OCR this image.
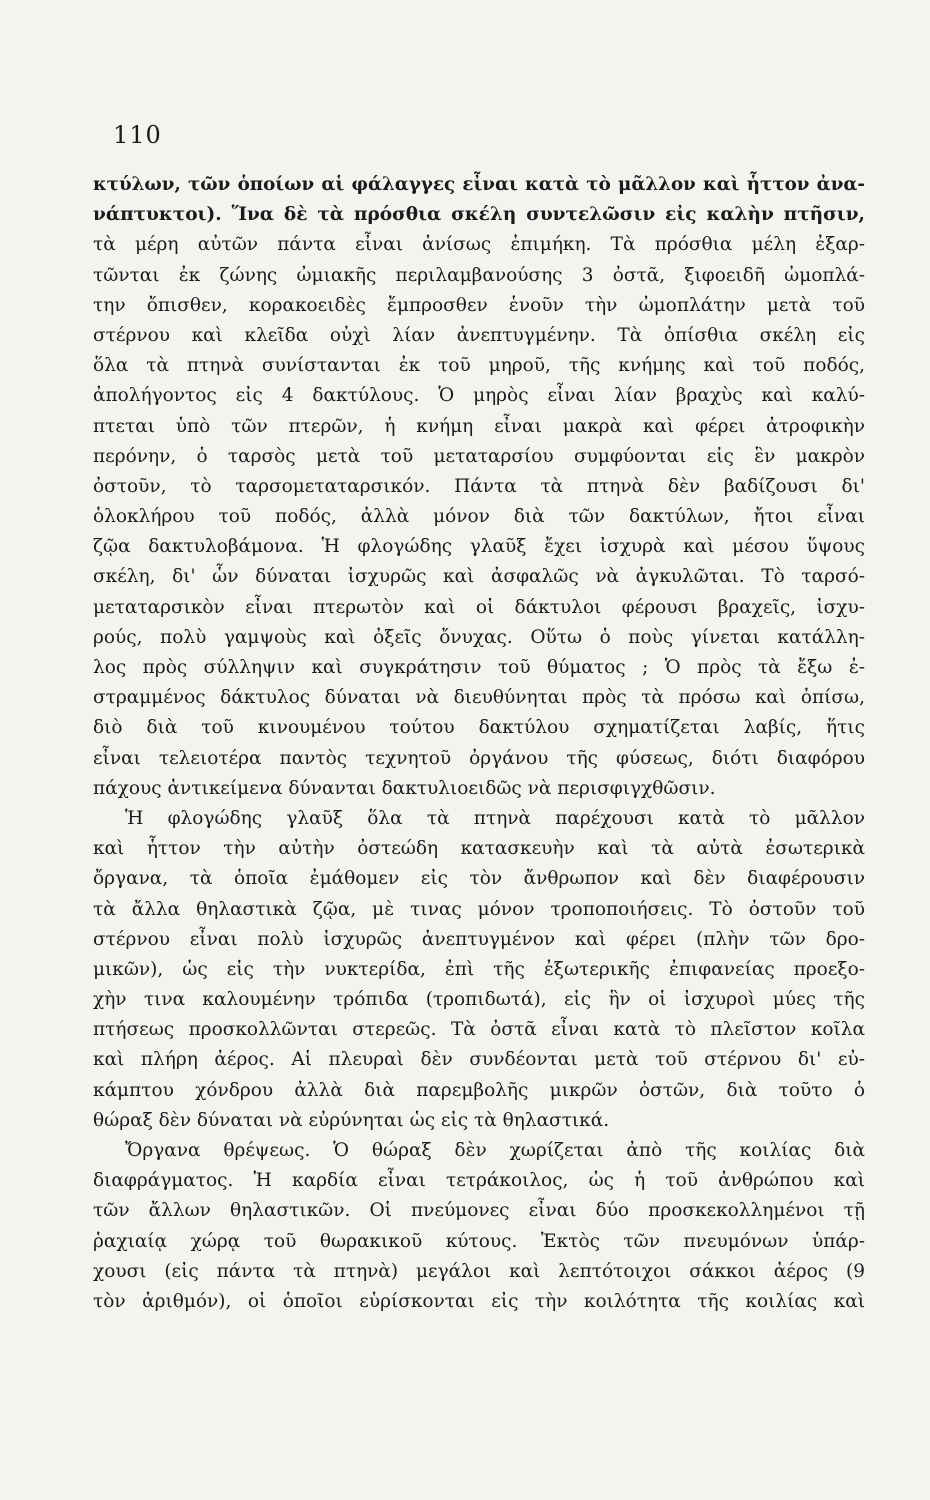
110
κτύλων, τῶν ὁποίων αἱ φάλαγγες εἶναι κατὰ τὸ μᾶλλον καὶ ἧττον ἀνα-
νάπτυκτοι). Ἵνα δὲ τὰ πρόσθια σκέλη συντελῶσιν εἰς καλὴν πτῆσιν,
τὰ μέρη αὐτῶν πάντα εἶναι ἀνίσως ἐπιμήκη. Τὰ πρόσθια μέλη ἐξαρ-
τῶνται ἐκ ζώνης ὠμιακῆς περιλαμβανούσης 3 ὀστᾶ, ξιφοειδῆ ὠμοπλά-
την ὄπισθεν, κορακοειδὲς ἔμπροσθεν ἑνοῦν τὴν ὠμοπλάτην μετὰ τοῦ
στέρνου καὶ κλεῖδα οὐχὶ λίαν ἀνεπτυγμένην. Τὰ ὀπίσθια σκέλη εἰς
ὅλα τὰ πτηνὰ συνίστανται ἐκ τοῦ μηροῦ, τῆς κνήμης καὶ τοῦ ποδός,
ἀπολήγοντος εἰς 4 δακτύλους. Ὁ μηρὸς εἶναι λίαν βραχὺς καὶ καλύ-
πτεται ὑπὸ τῶν πτερῶν, ἡ κνήμη εἶναι μακρὰ καὶ φέρει ἀτροφικὴν
περόνην, ὁ ταρσὸς μετὰ τοῦ μεταταρσίου συμφύονται εἰς ἓν μακρὸν
ὀστοῦν, τὸ ταρσομεταταρσικόν. Πάντα τὰ πτηνὰ δὲν βαδίζουσι δι'
ὁλοκλήρου τοῦ ποδός, ἀλλὰ μόνον διὰ τῶν δακτύλων, ἤτοι εἶναι
ζῷα δακτυλοβάμονα. Ἡ φλογώδης γλαῦξ ἔχει ἰσχυρὰ καὶ μέσου ὕψους
σκέλη, δι' ὧν δύναται ἰσχυρῶς καὶ ἀσφαλῶς νὰ ἀγκυλῶται. Τὸ ταρσό-
μεταταρσικὸν εἶναι πτερωτὸν καὶ οἱ δάκτυλοι φέρουσι βραχεῖς, ἰσχυ-
ρούς, πολὺ γαμψοὺς καὶ ὀξεῖς ὄνυχας. Οὕτω ὁ ποὺς γίνεται κατάλλη-
λος πρὸς σύλληψιν καὶ συγκράτησιν τοῦ θύματος ; Ὁ πρὸς τὰ ἔξω ἐ-
στραμμένος δάκτυλος δύναται νὰ διευθύνηται πρὸς τὰ πρόσω καὶ ὀπίσω,
διὸ διὰ τοῦ κινουμένου τούτου δακτύλου σχηματίζεται λαβίς, ἥτις
εἶναι τελειοτέρα παντὸς τεχνητοῦ ὀργάνου τῆς φύσεως, διότι διαφόρου
πάχους ἀντικείμενα δύνανται δακτυλιοειδῶς νὰ περισφιγχθῶσιν.
Ἡ φλογώδης γλαῦξ ὅλα τὰ πτηνὰ παρέχουσι κατὰ τὸ μᾶλλον
καὶ ἧττον τὴν αὐτὴν ὀστεώδη κατασκευὴν καὶ τὰ αὐτὰ ἐσωτερικὰ
ὄργανα, τὰ ὁποῖα ἐμάθομεν εἰς τὸν ἄνθρωπον καὶ δὲν διαφέρουσιν
τὰ ἄλλα θηλαστικὰ ζῷα, μὲ τινας μόνον τροποποιήσεις. Τὸ ὀστοῦν τοῦ
στέρνου εἶναι πολὺ ἰσχυρῶς ἀνεπτυγμένον καὶ φέρει (πλὴν τῶν δρο-
μικῶν), ὡς εἰς τὴν νυκτερίδα, ἐπὶ τῆς ἐξωτερικῆς ἐπιφανείας προεξο-
χὴν τινα καλουμένην τρόπιδα (τροπιδωτά), εἰς ἣν οἱ ἰσχυροὶ μύες τῆς
πτήσεως προσκολλῶνται στερεῶς. Τὰ ὀστᾶ εἶναι κατὰ τὸ πλεῖστον κοῖλα
καὶ πλήρη ἀέρος. Αἱ πλευραὶ δὲν συνδέονται μετὰ τοῦ στέρνου δι' εὐ-
κάμπτου χόνδρου ἀλλὰ διὰ παρεμβολῆς μικρῶν ὀστῶν, διὰ τοῦτο ὁ
θώραξ δὲν δύναται νὰ εὐρύνηται ὡς εἰς τὰ θηλαστικά.
Ὄργανα θρέψεως. Ὁ θώραξ δὲν χωρίζεται ἀπὸ τῆς κοιλίας διὰ
διαφράγματος. Ἡ καρδία εἶναι τετράκοιλος, ὡς ἡ τοῦ ἀνθρώπου καὶ
τῶν ἄλλων θηλαστικῶν. Οἱ πνεύμονες εἶναι δύο προσκεκολλημένοι τῇ
ῥαχιαίᾳ χώρᾳ τοῦ θωρακικοῦ κύτους. Ἐκτὸς τῶν πνευμόνων ὑπάρ-
χουσι (εἰς πάντα τὰ πτηνὰ) μεγάλοι καὶ λεπτότοιχοι σάκκοι ἀέρος (9
τὸν ἀριθμόν), οἱ ὁποῖοι εὑρίσκονται εἰς τὴν κοιλότητα τῆς κοιλίας καὶ
